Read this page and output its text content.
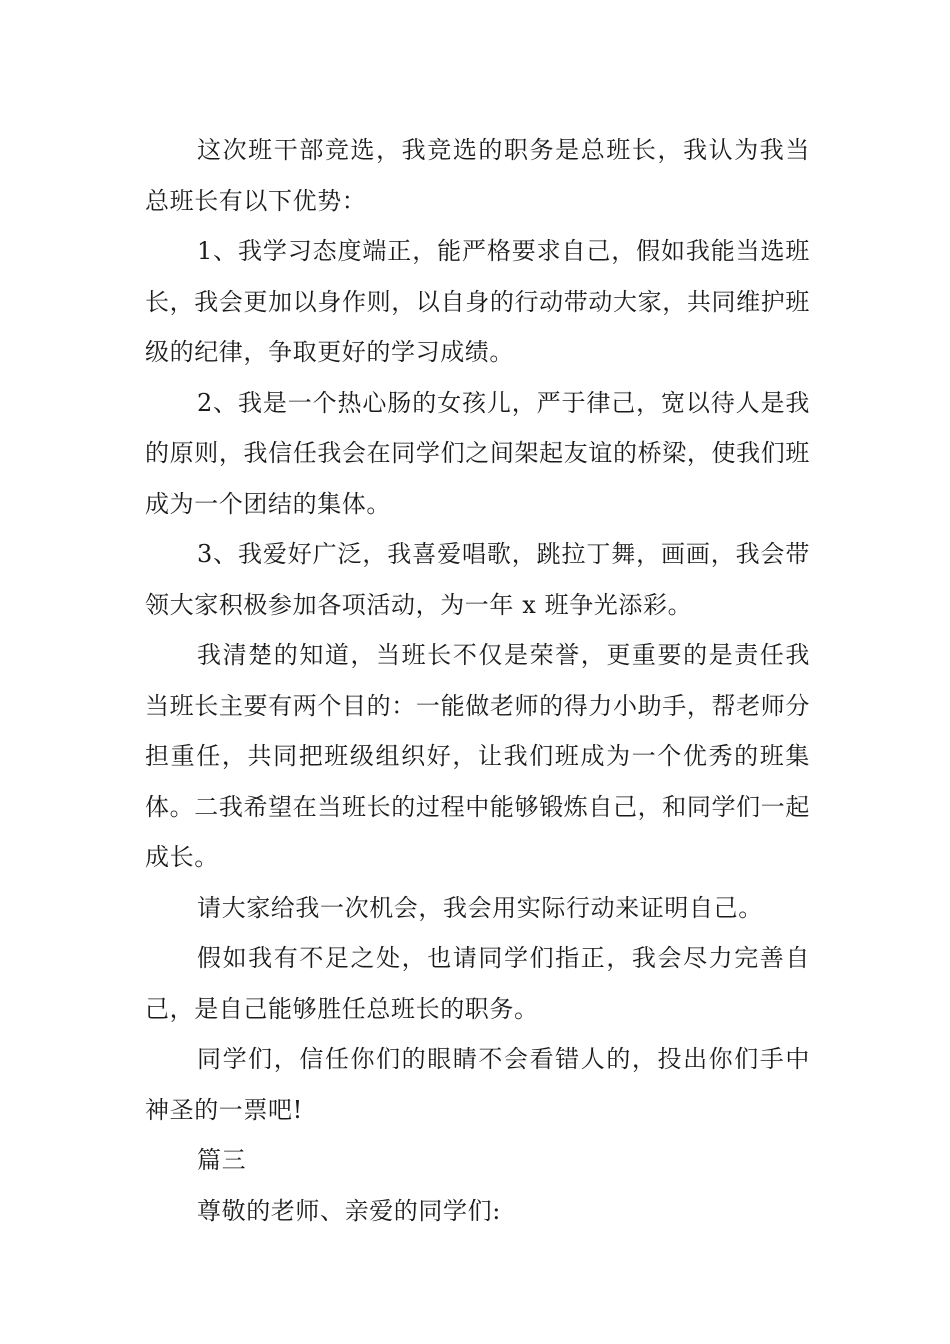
这次班干部竞选，我竞选的职务是总班长，我认为我当总班长有以下优势：

1、我学习态度端正，能严格要求自己，假如我能当选班长，我会更加以身作则，以自身的行动带动大家，共同维护班级的纪律，争取更好的学习成绩。

2、我是一个热心肠的女孩儿，严于律己，宽以待人是我的原则，我信任我会在同学们之间架起友谊的桥梁，使我们班成为一个团结的集体。

3、我爱好广泛，我喜爱唱歌，跳拉丁舞，画画，我会带领大家积极参加各项活动，为一年 x 班争光添彩。

我清楚的知道，当班长不仅是荣誉，更重要的是责任我当班长主要有两个目的：一能做老师的得力小助手，帮老师分担重任，共同把班级组织好，让我们班成为一个优秀的班集体。二我希望在当班长的过程中能够锻炼自己，和同学们一起成长。

请大家给我一次机会，我会用实际行动来证明自己。

假如我有不足之处，也请同学们指正，我会尽力完善自己，是自己能够胜任总班长的职务。

同学们，信任你们的眼睛不会看错人的，投出你们手中神圣的一票吧!

篇三

尊敬的老师、亲爱的同学们:
